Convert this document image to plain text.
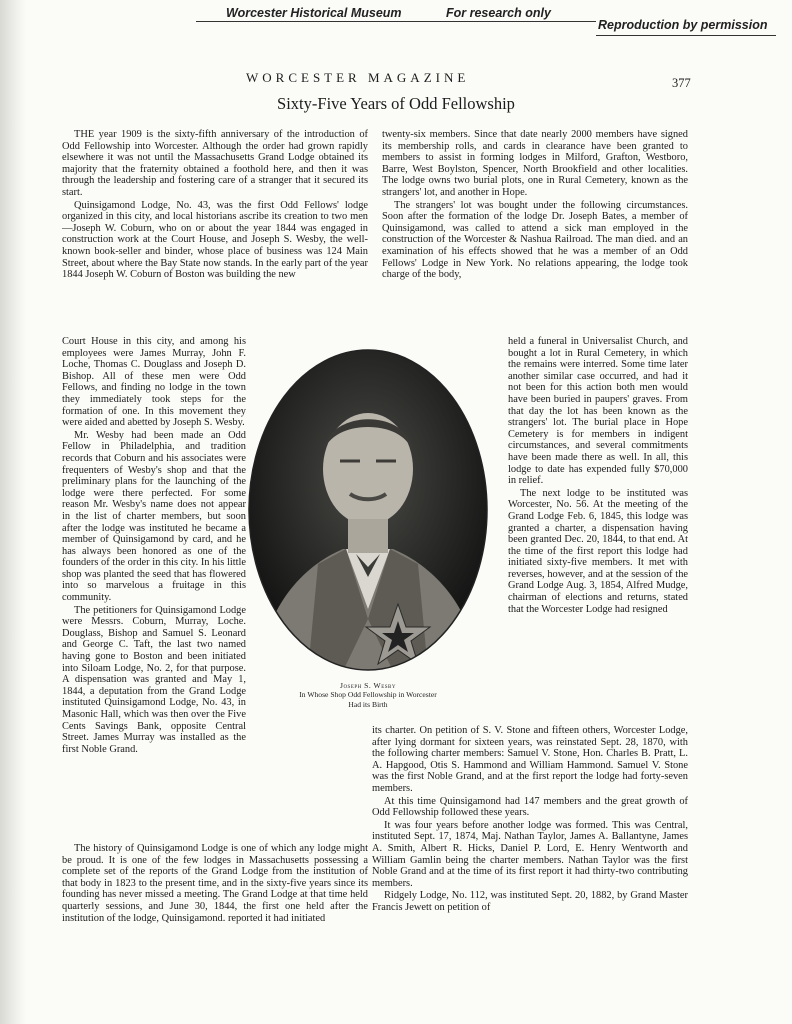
Worcester Historical Museum	For research only
Reproduction by permission
WORCESTER MAGAZINE	377
Sixty-Five Years of Odd Fellowship

THE year 1909 is the sixty-fifth anniversary of the introduction of Odd Fellowship into Worcester. Although the order had grown rapidly elsewhere it was not until the Massachusetts Grand Lodge obtained its majority that the fraternity obtained a foothold here, and then it was through the leadership and fostering care of a stranger that it secured its start.

Quinsigamond Lodge, No. 43, was the first Odd Fellows' lodge organized in this city, and local historians ascribe its creation to two men—Joseph W. Coburn, who on or about the year 1844 was engaged in construction work at the Court House, and Joseph S. Wesby, the well-known book-seller and binder, whose place of business was 124 Main Street, about where the Bay State now stands. In the early part of the year 1844 Joseph W. Coburn of Boston was building the new

Court House in this city, and among his employees were James Murray, John F. Loche, Thomas C. Douglass and Joseph D. Bishop. All of these men were Odd Fellows, and finding no lodge in the town they immediately took steps for the formation of one. In this movement they were aided and abetted by Joseph S. Wesby.

Mr. Wesby had been made an Odd Fellow in Philadelphia, and tradition records that Coburn and his associates were frequenters of Wesby's shop and that the preliminary plans for the launching of the lodge were there perfected. For some reason Mr. Wesby's name does not appear in the list of charter members, but soon after the lodge was instituted he became a member of Quinsigamond by card, and he has always been honored as one of the founders of the order in this city. In his little shop was planted the seed that has flowered into so marvelous a fruitage in this community.

The petitioners for Quinsigamond Lodge were Messrs. Coburn, Murray, Loche. Douglass, Bishop and Samuel S. Leonard and George C. Taft, the last two named having gone to Boston and been initiated into Siloam Lodge, No. 2, for that purpose. A dispensation was granted and May 1, 1844, a deputation from the Grand Lodge instituted Quinsigamond Lodge, No. 43, in Masonic Hall, which was then over the Five Cents Savings Bank, opposite Central Street. James Murray was installed as the first Noble Grand.

The history of Quinsigamond Lodge is one of which any lodge might be proud. It is one of the few lodges in Massachusetts possessing a complete set of the reports of the Grand Lodge from the institution of that body in 1823 to the present time, and in the sixty-five years since its founding has never missed a meeting. The Grand Lodge at that time held quarterly sessions, and June 30, 1844, the first one held after the institution of the lodge, Quinsigamond. reported it had initiated

twenty-six members. Since that date nearly 2000 members have signed its membership rolls, and cards in clearance have been granted to members to assist in forming lodges in Milford, Grafton, Westboro, Barre, West Boylston, Spencer, North Brookfield and other localities. The lodge owns two burial plots, one in Rural Cemetery, known as the strangers' lot, and another in Hope.

The strangers' lot was bought under the following circumstances. Soon after the formation of the lodge Dr. Joseph Bates, a member of Quinsigamond, was called to attend a sick man employed in the construction of the Worcester & Nashua Railroad. The man died. and an examination of his effects showed that he was a member of an Odd Fellows' Lodge in New York. No relations appearing, the lodge took charge of the body,

held a funeral in Universalist Church, and bought a lot in Rural Cemetery, in which the remains were interred. Some time later another similar case occurred, and had it not been for this action both men would have been buried in paupers' graves. From that day the lot has been known as the strangers' lot. The burial place in Hope Cemetery is for members in indigent circumstances, and several commitments have been made there as well. In all, this lodge to date has expended fully $70,000 in relief.

The next lodge to be instituted was Worcester, No. 56. At the meeting of the Grand Lodge Feb. 6, 1845, this lodge was granted a charter, a dispensation having been granted Dec. 20, 1844, to that end. At the time of the first report this lodge had initiated sixty-five members. It met with reverses, however, and at the session of the Grand Lodge Aug. 3, 1854, Alfred Mudge, chairman of elections and returns, stated that the Worcester Lodge had resigned

its charter. On petition of S. V. Stone and fifteen others, Worcester Lodge, after lying dormant for sixteen years, was reinstated Sept. 28, 1870, with the following charter members: Samuel V. Stone, Hon. Charles B. Pratt, L. A. Hapgood, Otis S. Hammond and William Hammond. Samuel V. Stone was the first Noble Grand, and at the first report the lodge had forty-seven members.

At this time Quinsigamond had 147 members and the great growth of Odd Fellowship followed these years.

It was four years before another lodge was formed. This was Central, instituted Sept. 17, 1874, Maj. Nathan Taylor, James A. Ballantyne, James A. Smith, Albert R. Hicks, Daniel P. Lord, E. Henry Wentworth and William Gamlin being the charter members. Nathan Taylor was the first Noble Grand and at the time of its first report it had thirty-two contributing members.

Ridgely Lodge, No. 112, was instituted Sept. 20, 1882, by Grand Master Francis Jewett on petition of

Joseph S. Wesby
In Whose Shop Odd Fellowship in Worcester
Had its Birth
